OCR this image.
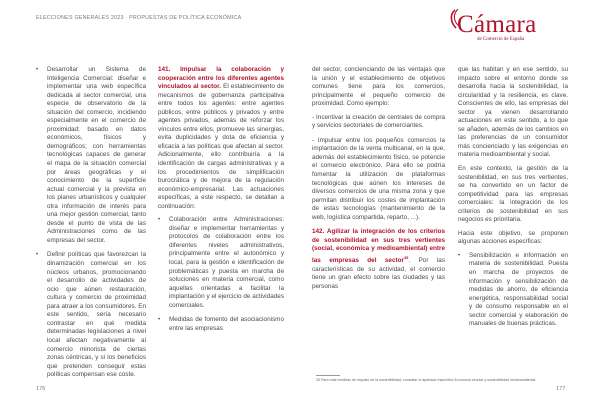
ELECCIONES GENERALES 2023 · PROPUESTAS DE POLÍTICA ECONÓMICA	Cámara
de Comercio de España
•	Desarrollar un Sistema de Inteligencia Comercial: diseñar e implementar una web específica dedicada al sector comercial, una especie de observatorio de la situación del comercio, incidiendo especialmente en el comercio de proximidad; basado en datos económicos, físicos y demográficos; con herramientas tecnológicas capaces de generar el mapa de la situación comercial por áreas geográficas y el conocimiento de la superficie actual comercial y la prevista en los planes urbanísticos y cualquier otra información de interés para una mejor gestión comercial, tanto desde el punto de vista de las Administraciones como de las empresas del sector.
•	Definir políticas que favorezcan la dinamización comercial en los núcleos urbanos, promocionando el desarrollo de actividades de ocio que aúnen restauración, cultura y comercio de proximidad para atraer a los consumidores. En este sentido, sería necesario contrastar en qué medida determinadas legislaciones a nivel local afectan negativamente al comercio minorista de ciertas zonas céntricas, y si los beneficios que pretenden conseguir estas políticas compensan ese coste.

141. Impulsar la colaboración y cooperación entre los diferentes agentes vinculados al sector. El establecimiento de mecanismos de gobernanza participativa entre todos los agentes: entre agentes públicos, entre públicos y privados y entre agentes privados, además de reforzar los vínculos entre ellos, promueve las sinergias, evita duplicidades y dota de eficiencia y eficacia a las políticas que afectan al sector. Adicionalmente, ello contribuiría a la identificación de cargas administrativas y a los procedimientos de simplificación burocrática y de mejora de la regulación económico-empresarial. Las actuaciones específicas, a este respecto, se detallan a continuación:

•	Colaboración entre Administraciones: diseñar e implementar herramientas y protocolos de colaboración entre los diferentes niveles administrativos, principalmente entre el autonómico y local, para la gestión e identificación de problemáticas y puesta en marcha de soluciones en materia comercial, como aquellas orientadas a facilitar la implantación y el ejercicio de actividades comerciales.
•	Medidas de fomento del asociacionismo entre las empresas

del sector, concienciando de las ventajas que la unión y el establecimiento de objetivos comunes tiene para los comercios, principalmente el pequeño comercio de proximidad. Como ejemplo:

- Incentivar la creación de centrales de compra y servicios sectoriales de comerciantes.
- Impulsar entre los pequeños comercios la implantación de la venta multicanal, en la que, además del establecimiento físico, se potencie el comercio electrónico. Para ello se podría fomentar la utilización de plataformas tecnológicas que aúnen los intereses de diversos comercios de una misma zona y que permitan distribuir los costes de implantación de estas tecnologías (mantenimiento de la web, logística compartida, reparto, ...).

142. Agilizar la integración de los criterios de sostenibilidad en sus tres vertientes (social, económica y medioambiental) entre las empresas del sector$^{35}$. Por las características de su actividad, el comercio tiene un gran efecto sobre las ciudades y las personas

que las habitan y en ese sentido, su impacto sobre el entorno donde se desarrolla hacia la sostenibilidad, la circularidad y la resiliencia, es clave. Conscientes de ello, las empresas del sector ya vienen desarrollando actuaciones en este sentido, a lo que se añaden, además de los cambios en las preferencias de un consumidor más concienciado y las exigencias en materia medioambiental y social.

En este contexto, la gestión de la sostenibilidad, en sus tres vertientes, se ha convertido en un factor de competitividad para las empresas comerciales: la integración de los criterios de sostenibilidad en sus negocios es prioritaria.

Hacia este objetivo, se proponen algunas acciones específicas:

•	Sensibilización e información en materia de sostenibilidad. Puesta en marcha de proyectos de información y sensibilización de medidas de ahorro, de eficiencia energética, responsabilidad social y de consumo responsable en el sector comercial y elaboración de manuales de buenas prácticas.
35 Para más medidas de impulso de la sostenibilidad, consultar el apartado específico Economía circular y sostenibilidad medioambiental.
176	177
